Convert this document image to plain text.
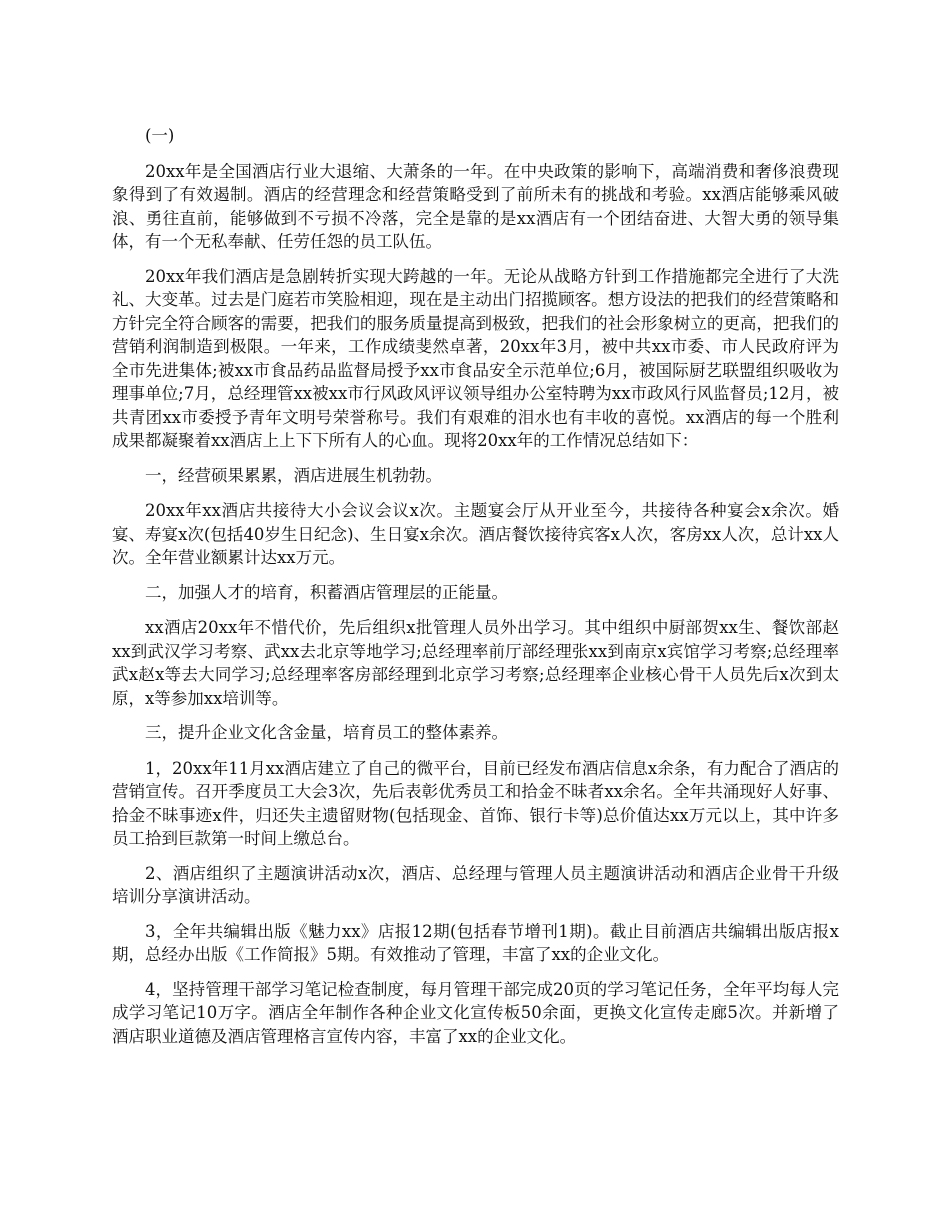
(一)

20xx年是全国酒店行业大退缩、大萧条的一年。在中央政策的影响下，高端消费和奢侈浪费现象得到了有效遏制。酒店的经营理念和经营策略受到了前所未有的挑战和考验。xx酒店能够乘风破浪、勇往直前，能够做到不亏损不冷落，完全是靠的是xx酒店有一个团结奋进、大智大勇的领导集体，有一个无私奉献、任劳任怨的员工队伍。

20xx年我们酒店是急剧转折实现大跨越的一年。无论从战略方针到工作措施都完全进行了大洗礼、大变革。过去是门庭若市笑脸相迎，现在是主动出门招揽顾客。想方设法的把我们的经营策略和方针完全符合顾客的需要，把我们的服务质量提高到极致，把我们的社会形象树立的更高，把我们的营销利润制造到极限。一年来，工作成绩斐然卓著，20xx年3月，被中共xx市委、市人民政府评为全市先进集体;被xx市食品药品监督局授予xx市食品安全示范单位;6月，被国际厨艺联盟组织吸收为理事单位;7月，总经理管xx被xx市行风政风评议领导组办公室特聘为xx市政风行风监督员;12月，被共青团xx市委授予青年文明号荣誉称号。我们有艰难的泪水也有丰收的喜悦。xx酒店的每一个胜利成果都凝聚着xx酒店上上下下所有人的心血。现将20xx年的工作情况总结如下：

一，经营硕果累累，酒店进展生机勃勃。

20xx年xx酒店共接待大小会议会议x次。主题宴会厅从开业至今，共接待各种宴会x余次。婚宴、寿宴x次(包括40岁生日纪念)、生日宴x余次。酒店餐饮接待宾客x人次，客房xx人次，总计xx人次。全年营业额累计达xx万元。

二，加强人才的培育，积蓄酒店管理层的正能量。

xx酒店20xx年不惜代价，先后组织x批管理人员外出学习。其中组织中厨部贺xx生、餐饮部赵xx到武汉学习考察、武xx去北京等地学习;总经理率前厅部经理张xx到南京x宾馆学习考察;总经理率武x赵x等去大同学习;总经理率客房部经理到北京学习考察;总经理率企业核心骨干人员先后x次到太原，x等参加xx培训等。

三，提升企业文化含金量，培育员工的整体素养。

1，20xx年11月xx酒店建立了自己的微平台，目前已经发布酒店信息x余条，有力配合了酒店的营销宣传。召开季度员工大会3次，先后表彰优秀员工和拾金不昧者xx余名。全年共涌现好人好事、拾金不昧事迹x件，归还失主遗留财物(包括现金、首饰、银行卡等)总价值达xx万元以上，其中许多员工拾到巨款第一时间上缴总台。

2、酒店组织了主题演讲活动x次，酒店、总经理与管理人员主题演讲活动和酒店企业骨干升级培训分享演讲活动。

3，全年共编辑出版《魅力xx》店报12期(包括春节增刊1期)。截止目前酒店共编辑出版店报x期，总经办出版《工作简报》5期。有效推动了管理，丰富了xx的企业文化。

4，坚持管理干部学习笔记检查制度，每月管理干部完成20页的学习笔记任务，全年平均每人完成学习笔记10万字。酒店全年制作各种企业文化宣传板50余面，更换文化宣传走廊5次。并新增了酒店职业道德及酒店管理格言宣传内容，丰富了xx的企业文化。
